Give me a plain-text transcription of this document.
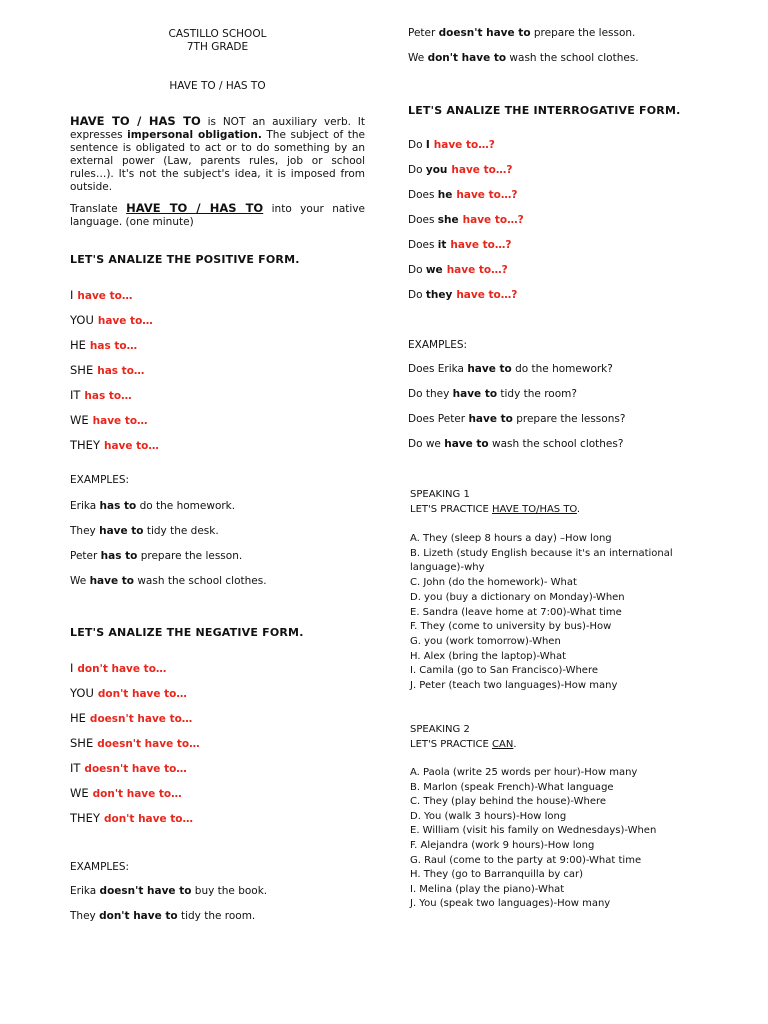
CASTILLO SCHOOL
7TH GRADE
HAVE TO / HAS TO
HAVE TO / HAS TO is NOT an auxiliary verb. It expresses impersonal obligation. The subject of the sentence is obligated to act or to do something by an external power (Law, parents rules, job or school rules…). It's not the subject's idea, it is imposed from outside.
Translate HAVE TO / HAS TO into your native language. (one minute)
LET'S ANALIZE THE POSITIVE FORM.
I have to…
YOU have to…
HE has to…
SHE has to…
IT has to…
WE have to…
THEY have to…
EXAMPLES:
Erika has to do the homework.
They have to tidy the desk.
Peter has to prepare the lesson.
We have to wash the school clothes.
LET'S ANALIZE THE NEGATIVE FORM.
I don't have to…
YOU don't have to…
HE doesn't have to…
SHE doesn't have to…
IT doesn't have to…
WE don't have to…
THEY don't have to…
EXAMPLES:
Erika doesn't have to buy the book.
They don't have to tidy the room.
Peter doesn't have to prepare the lesson.
We don't have to wash the school clothes.
LET'S ANALIZE THE INTERROGATIVE FORM.
Do I have to…?
Do you have to…?
Does he have to…?
Does she have to…?
Does it have to…?
Do we have to…?
Do they have to…?
EXAMPLES:
Does Erika have to do the homework?
Do they have to tidy the room?
Does Peter have to prepare the lessons?
Do we have to wash the school clothes?
SPEAKING 1
LET'S PRACTICE HAVE TO/HAS TO.
A. They (sleep 8 hours a day) –How long
B. Lizeth (study English because it's an international
language)-why
C. John (do the homework)- What
D. you (buy a dictionary on Monday)-When
E. Sandra (leave home at 7:00)-What time
F. They (come to university by bus)-How
G. you (work tomorrow)-When
H. Alex (bring the laptop)-What
I. Camila (go to San Francisco)-Where
J. Peter (teach two languages)-How many
SPEAKING 2
LET'S PRACTICE CAN.
A. Paola (write 25 words per hour)-How many
B. Marlon (speak French)-What language
C. They (play behind the house)-Where
D. You (walk 3 hours)-How long
E. William (visit his family on Wednesdays)-When
F. Alejandra (work 9 hours)-How long
G. Raul (come to the party at 9:00)-What time
H. They (go to Barranquilla by car)
I. Melina (play the piano)-What
J. You (speak two languages)-How many
